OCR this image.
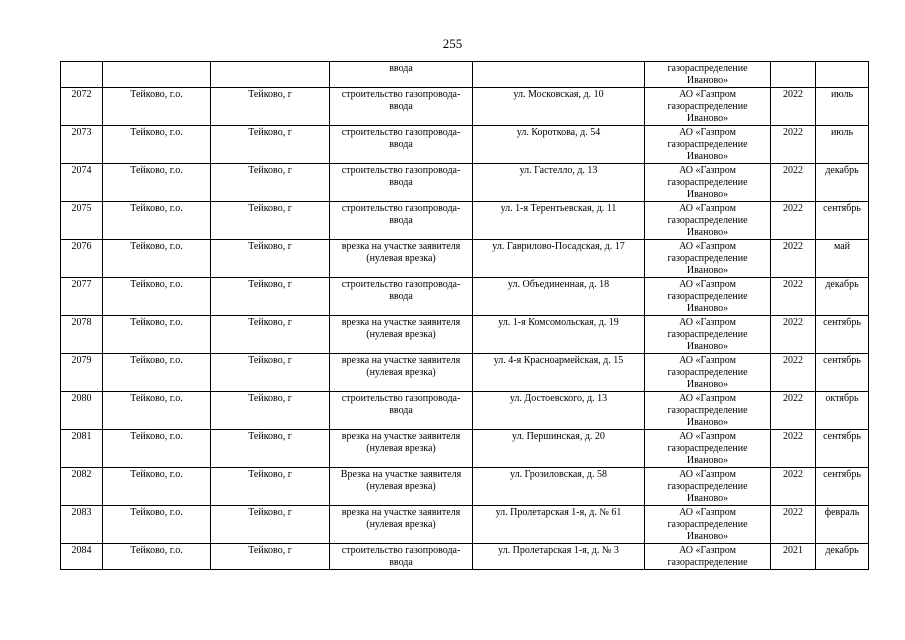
255
			ввода		газораспределение
Иваново»		
2072	Тейково, г.о.	Тейково, г	строительство газопровода-
ввода	ул. Московская, д. 10	АО «Газпром
газораспределение
Иваново»	2022	июль
2073	Тейково, г.о.	Тейково, г	строительство газопровода-
ввода	ул. Короткова, д. 54	АО «Газпром
газораспределение
Иваново»	2022	июль
2074	Тейково, г.о.	Тейково, г	строительство газопровода-
ввода	ул. Гастелло, д. 13	АО «Газпром
газораспределение
Иваново»	2022	декабрь
2075	Тейково, г.о.	Тейково, г	строительство газопровода-
ввода	ул. 1-я Терентьевская, д. 11	АО «Газпром
газораспределение
Иваново»	2022	сентябрь
2076	Тейково, г.о.	Тейково, г	врезка на участке заявителя
(нулевая врезка)	ул. Гаврилово-Посадская, д. 17	АО «Газпром
газораспределение
Иваново»	2022	май
2077	Тейково, г.о.	Тейково, г	строительство газопровода-
ввода	ул. Объединенная, д. 18	АО «Газпром
газораспределение
Иваново»	2022	декабрь
2078	Тейково, г.о.	Тейково, г	врезка на участке заявителя
(нулевая врезка)	ул. 1-я Комсомольская, д. 19	АО «Газпром
газораспределение
Иваново»	2022	сентябрь
2079	Тейково, г.о.	Тейково, г	врезка на участке заявителя
(нулевая врезка)	ул. 4-я Красноармейская, д. 15	АО «Газпром
газораспределение
Иваново»	2022	сентябрь
2080	Тейково, г.о.	Тейково, г	строительство газопровода-
ввода	ул. Достоевского, д. 13	АО «Газпром
газораспределение
Иваново»	2022	октябрь
2081	Тейково, г.о.	Тейково, г	врезка на участке заявителя
(нулевая врезка)	ул. Першинская, д. 20	АО «Газпром
газораспределение
Иваново»	2022	сентябрь
2082	Тейково, г.о.	Тейково, г	Врезка на участке заявителя
(нулевая врезка)	ул. Грозиловская, д. 58	АО «Газпром
газораспределение
Иваново»	2022	сентябрь
2083	Тейково, г.о.	Тейково, г	врезка на участке заявителя
(нулевая врезка)	ул. Пролетарская 1-я, д. № 61	АО «Газпром
газораспределение
Иваново»	2022	февраль
2084	Тейково, г.о.	Тейково, г	строительство газопровода-
ввода	ул. Пролетарская 1-я, д. № 3	АО «Газпром
газораспределение	2021	декабрь
